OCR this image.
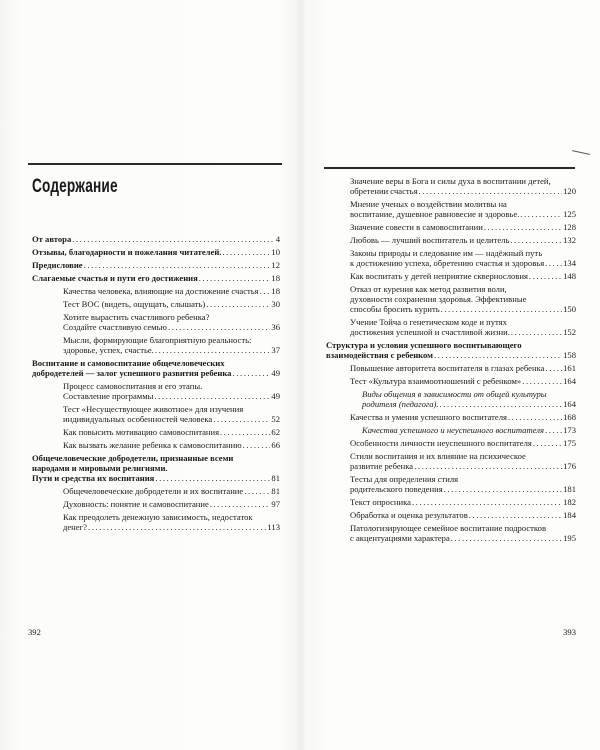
Содержание
От автора .....	4
Отзывы, благодарности и пожелания читателей. .....	10
Предисловие .....	12
Слагаемые счастья и пути его достижения .....	18
Качества человека, влияющие на достижение счастья ..... 18
Тест ВОС (видеть, ощущать, слышать) .....	30
Хотите вырастить счастливого ребенка?
Создайте счастливую семью .....	36
Мысли, формирующие благоприятную реальность:
здоровье, успех, счастье. .....	37
Воспитание и самовоспитание общечеловеческих
добродетелей — залог успешного развития ребенка .....	49
Процесс самовоспитания и его этапы.
Составление программы .....	49
Тест «Несуществующее животное» для изучения
индивидуальных особенностей человека .....	52
Как повысить мотивацию самовоспитания .....	62
Как вызвать желание ребенка к самовоспитанию .....	66
Общечеловеческие добродетели, признанные всеми
народами и мировыми религиями.
Пути и средства их воспитания .....	81
Общечеловеческие добродетели и их воспитание .....	81
Духовность: понятие и самовоспитание .....	97
Как преодолеть денежную зависимость, недостаток
денег? .....	113
392
Значение веры в Бога и силы духа в воспитании детей,
обретении счастья .....	120
Мнение ученых о воздействии молитвы на
воспитание, душевное равновесие и здоровье. .....	125
Значение совести в самовоспитании .....	128
Любовь — лучший воспитатель и целитель .....	132
Законы природы и следование им — надёжный путь
к достижению успеха, обретению счастья и здоровья ..... 134
Как воспитать у детей неприятие сквернословия .....	148
Отказ от курения как метод развития воли,
духовности сохранения здоровья. Эффективные
способы бросить курить .....	150
Учение Тойча о генетическом коде и путях
достижения успешной и счастливой жизни. .....	152
Структура и условия успешного воспитывающего
взаимодействия с ребенком .....	158
Повышение авторитета воспитателя в глазах ребенка ..... 161
Тест «Культура взаимоотношений с ребенком» .....	164
Виды общения в зависимости от общей культуры
родителя (педагога). .....	164
Качества и умения успешного воспитателя .....	168
Качества успешного и неуспешного воспитателя ..... 173
Особенности личности неуспешного воспитателя .....	175
Стили воспитания и их влияние на психическое
развитие ребенка .....	176
Тесты для определения стиля
родительского поведения .....	181
Текст опросника .....	182
Обработка и оценка результатов .....	184
Патологизирующее семейное воспитание подростков
с акцентуациями характера .....	195
393
